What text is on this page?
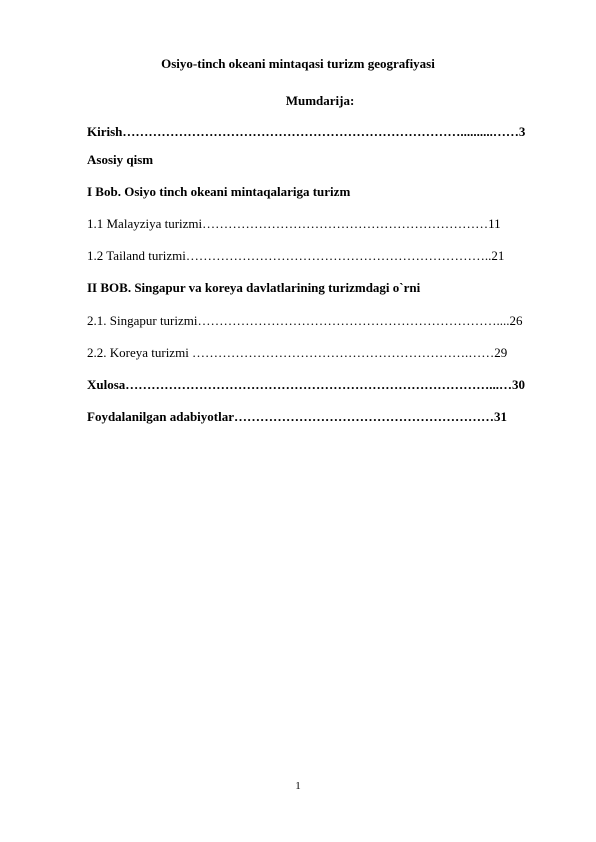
Osiyo-tinch okeani mintaqasi turizm geografiyasi
Mumdarija:
Kirish……………………………………………………………………..........……3
Asosiy qism
I Bob. Osiyo tinch okeani mintaqalariga turizm
1.1 Malayziya turizmi…………………………………………………………11
1.2 Tailand turizmi……………………………………………………………..21
II BOB. Singapur va koreya davlatlarining turizmdagi o`rni
2.1. Singapur turizmi……………………………………………………………....26
2.2. Koreya turizmi ……………………………………………………….……29
Xulosa…………………………………………………………………………...…30
Foydalanilgan adabiyotlar……………………………………………………31
1
